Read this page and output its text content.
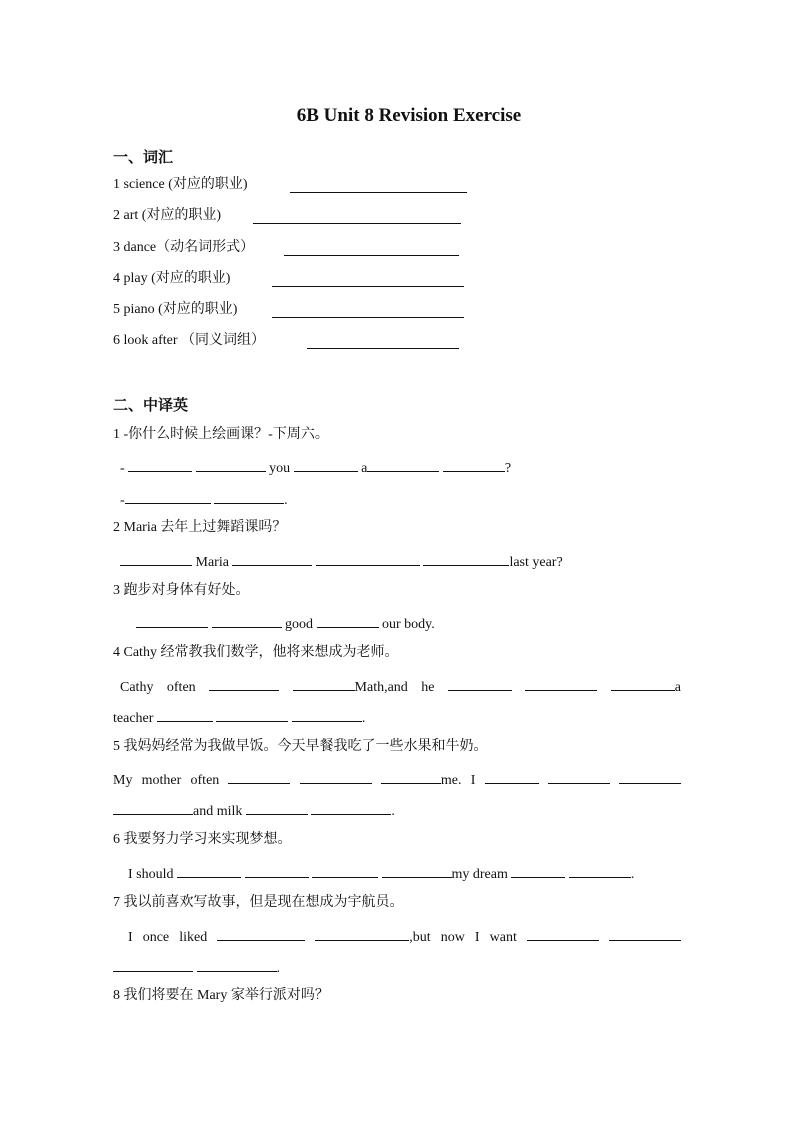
6B Unit 8 Revision Exercise
一、词汇
1 science (对应的职业)
2 art (对应的职业)
3 dance（动名词形式）
4 play (对应的职业)
5 piano (对应的职业)
6 look after （同义词组）
二、中译英
1 -你什么时候上绘画课？-下周六。
-	you	a	?
-	.
2 Maria 去年上过舞蹈课吗？
Maria	last year?
3 跑步对身体有好处。
good	our body.
4 Cathy 经常教我们数学，他将来想成为老师。
Cathy often	Math,and he	a
teacher	.
5 我妈妈经常为我做早饭。今天早餐我吃了一些水果和牛奶。
My mother often	me. I
and milk	.
6 我要努力学习来实现梦想。
I should	my dream	.
7 我以前喜欢写故事，但是现在想成为宇航员。
I once liked	,but now I want
.
8 我们将要在 Mary 家举行派对吗？
